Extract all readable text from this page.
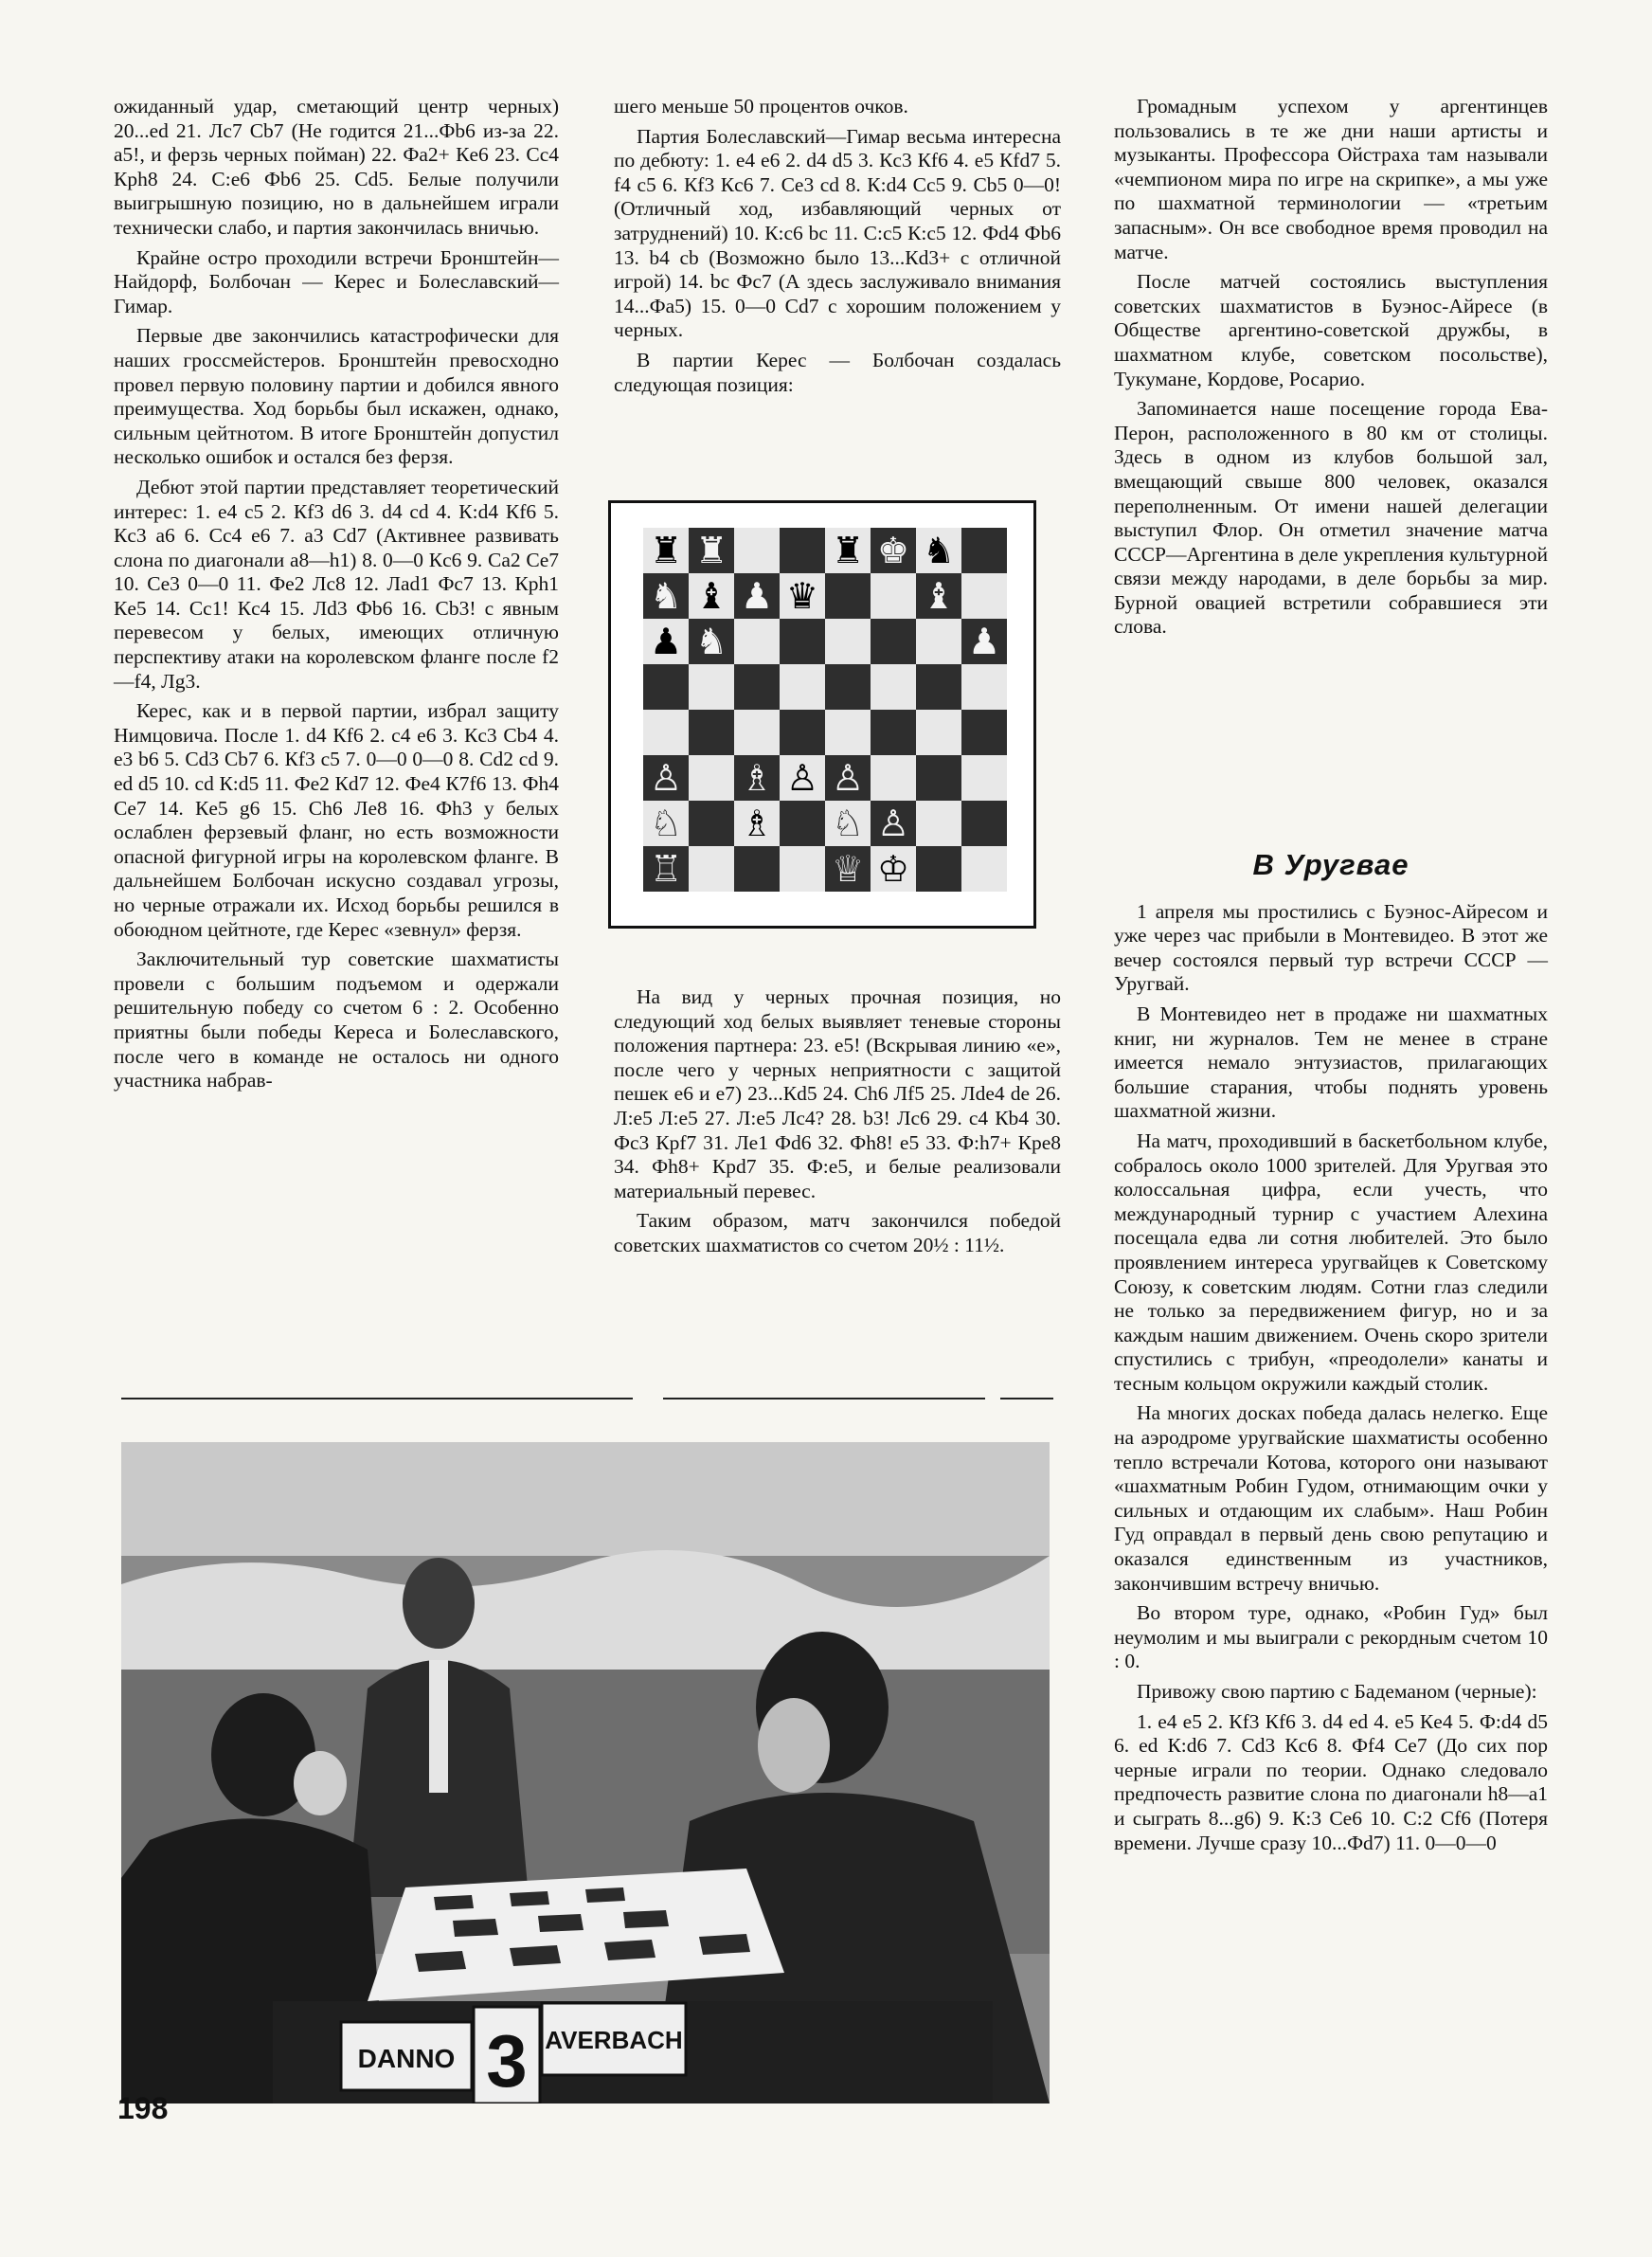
ожиданный удар, сметающий центр черных) 20...ed 21. Лc7 Cb7 (Не годится 21...Фb6 из-за 22. a5!, и ферзь черных пойман) 22. Фa2+ Кe6 23. Cc4 Крh8 24. C:e6 Фb6 25. Cd5. Белые получили выигрышную позицию, но в дальнейшем играли технически слабо, и партия закончилась вничью.

Крайне остро проходили встречи Бронштейн—Найдорф, Болбочан — Керес и Болеславский—Гимар.

Первые две закончились катастрофически для наших гроссмейстеров. Бронштейн превосходно провел первую половину партии и добился явного преимущества. Ход борьбы был искажен, однако, сильным цейтнотом. В итоге Бронштейн допустил несколько ошибок и остался без ферзя.

Дебют этой партии представляет теоретический интерес: 1. e4 c5 2. Кf3 d6 3. d4 cd 4. К:d4 Кf6 5. Кc3 a6 6. Cc4 e6 7. a3 Cd7 (Активнее развивать слона по диагонали a8—h1) 8. 0—0 Кc6 9. Ca2 Ce7 10. Ce3 0—0 11. Фe2 Лc8 12. Лad1 Фc7 13. Крh1 Кe5 14. Cc1! Кc4 15. Лd3 Фb6 16. Cb3! с явным перевесом у белых, имеющих отличную перспективу атаки на королевском фланге после f2—f4, Лg3.

Керес, как и в первой партии, избрал защиту Нимцовича. После 1. d4 Кf6 2. c4 e6 3. Кc3 Cb4 4. e3 b6 5. Cd3 Cb7 6. Кf3 c5 7. 0—0 0—0 8. Cd2 cd 9. ed d5 10. cd К:d5 11. Фe2 Кd7 12. Фe4 К7f6 13. Фh4 Ce7 14. Кe5 g6 15. Ch6 Лe8 16. Фh3 у белых ослаблен ферзевый фланг, но есть возможности опасной фигурной игры на королевском фланге. В дальнейшем Болбочан искусно создавал угрозы, но черные отражали их. Исход борьбы решился в обоюдном цейтноте, где Керес «зевнул» ферзя.

Заключительный тур советские шахматисты провели с большим подъемом и одержали решительную победу со счетом 6 : 2. Особенно приятны были победы Кереса и Болеславского, после чего в команде не осталось ни одного участника набрав-

шего меньше 50 процентов очков.

Партия Болеславский—Гимар весьма интересна по дебюту: 1. e4 e6 2. d4 d5 3. Кc3 Кf6 4. e5 Кfd7 5. f4 c5 6. Кf3 Кc6 7. Ce3 cd 8. К:d4 Cc5 9. Cb5 0—0! (Отличный ход, избавляющий черных от затруднений) 10. К:c6 bc 11. C:c5 К:c5 12. Фd4 Фb6 13. b4 cb (Возможно было 13...Кd3+ с отличной игрой) 14. bc Фc7 (А здесь заслуживало внимания 14...Фa5) 15. 0—0 Cd7 с хорошим положением у черных.

В партии Керес — Болбочан создалась следующая позиция:

♜ ♜	♜ ♚ ♞
♞ ♝ ♟ ♛	♝
♟ ♞	♟
♙ ♗ ♙ ♙
♘ ♗ ♘ ♙
♖	♕ ♔

На вид у черных прочная позиция, но следующий ход белых выявляет теневые стороны положения партнера: 23. e5! (Вскрывая линию «e», после чего у черных неприятности с защитой пешек e6 и e7) 23...Кd5 24. Ch6 Лf5 25. Лde4 de 26. Л:e5 Л:e5 27. Л:e5 Лc4? 28. b3! Лc6 29. c4 Кb4 30. Фc3 Крf7 31. Лe1 Фd6 32. Фh8! e5 33. Ф:h7+ Крe8 34. Фh8+ Крd7 35. Ф:e5, и белые реализовали материальный перевес.

Таким образом, матч закончился победой советских шахматистов со счетом 20½ : 11½.

Громадным успехом у аргентинцев пользовались в те же дни наши артисты и музыканты. Профессора Ойстраха там называли «чемпионом мира по игре на скрипке», а мы уже по шахматной терминологии — «третьим запасным». Он все свободное время проводил на матче.

После матчей состоялись выступления советских шахматистов в Буэнос-Айресе (в Обществе аргентино-советской дружбы, в шахматном клубе, советском посольстве), Тукумане, Кордове, Росарио.

Запоминается наше посещение города Ева-Перон, расположенного в 80 км от столицы. Здесь в одном из клубов большой зал, вмещающий свыше 800 человек, оказался переполненным. От имени нашей делегации выступил Флор. Он отметил значение матча СССР—Аргентина в деле укрепления культурной связи между народами, в деле борьбы за мир. Бурной овацией встретили собравшиеся эти слова.

В Уругвае

1 апреля мы простились с Буэнос-Айресом и уже через час прибыли в Монтевидео. В этот же вечер состоялся первый тур встречи СССР — Уругвай.

В Монтевидео нет в продаже ни шахматных книг, ни журналов. Тем не менее в стране имеется немало энтузиастов, прилагающих большие старания, чтобы поднять уровень шахматной жизни.

На матч, проходивший в баскетбольном клубе, собралось около 1000 зрителей. Для Уругвая это колоссальная цифра, если учесть, что международный турнир с участием Алехина посещала едва ли сотня любителей. Это было проявлением интереса уругвайцев к Советскому Союзу, к советским людям. Сотни глаз следили не только за передвижением фигур, но и за каждым нашим движением. Очень скоро зрители спустились с трибун, «преодолели» канаты и тесным кольцом окружили каждый столик.

На многих досках победа далась нелегко. Еще на аэродроме уругвайские шахматисты особенно тепло встречали Котова, которого они называют «шахматным Робин Гудом, отнимающим очки у сильных и отдающим их слабым». Наш Робин Гуд оправдал в первый день свою репутацию и оказался единственным из участников, закончившим встречу вничью.

Во втором туре, однако, «Робин Гуд» был неумолим и мы выиграли с рекордным счетом 10 : 0.

Привожу свою партию с Бадеманом (черные):

1. e4 e5 2. Кf3 Кf6 3. d4 ed 4. e5 Кe4 5. Ф:d4 d5 6. ed К:d6 7. Cd3 Кc6 8. Фf4 Ce7 (До сих пор черные играли по теории. Однако следовало предпочесть развитие слона по диагонали h8—a1 и сыграть 8...g6) 9. К:3 Ce6 10. C:2 Cf6 (Потеря времени. Лучше сразу 10...Фd7) 11. 0—0—0

DANNO 3 AVERBACH
198
